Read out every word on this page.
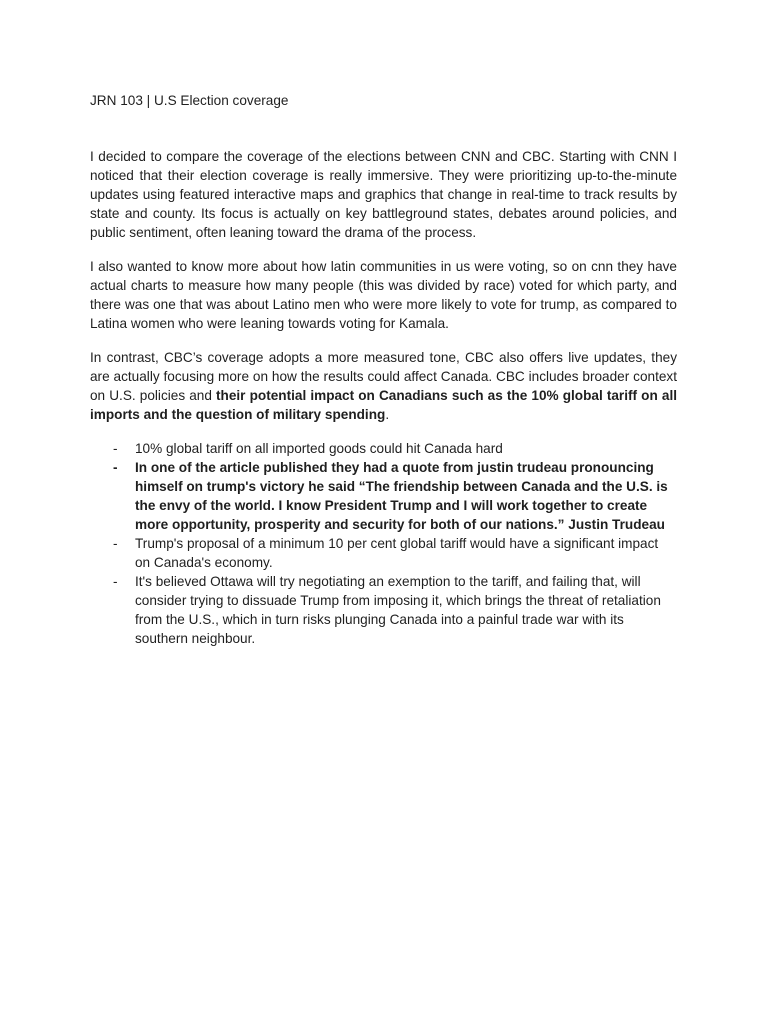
JRN 103 | U.S Election coverage

I decided to compare the coverage of the elections between CNN and CBC. Starting with CNN I noticed that their election coverage is really immersive. They were prioritizing up-to-the-minute updates using featured interactive maps and graphics that change in real-time to track results by state and county. Its focus is actually on key battleground states, debates around policies, and public sentiment, often leaning toward the drama of the process.

I also wanted to know more about how latin communities in us were voting, so on cnn they have actual charts to measure how many people (this was divided by race) voted for which party, and there was one that was about Latino men who were more likely to vote for trump, as compared to Latina women who were leaning towards voting for Kamala.

In contrast, CBC’s coverage adopts a more measured tone, CBC also offers live updates, they are actually focusing more on how the results could affect Canada. CBC includes broader context on U.S. policies and their potential impact on Canadians such as the 10% global tariff on all imports and the question of military spending.

- 10% global tariff on all imported goods could hit Canada hard
- In one of the article published they had a quote from justin trudeau pronouncing himself on trump's victory he said “The friendship between Canada and the U.S. is the envy of the world. I know President Trump and I will work together to create more opportunity, prosperity and security for both of our nations.” Justin Trudeau
- Trump's proposal of a minimum 10 per cent global tariff would have a significant impact on Canada's economy.
- It's believed Ottawa will try negotiating an exemption to the tariff, and failing that, will consider trying to dissuade Trump from imposing it, which brings the threat of retaliation from the U.S., which in turn risks plunging Canada into a painful trade war with its southern neighbour.
